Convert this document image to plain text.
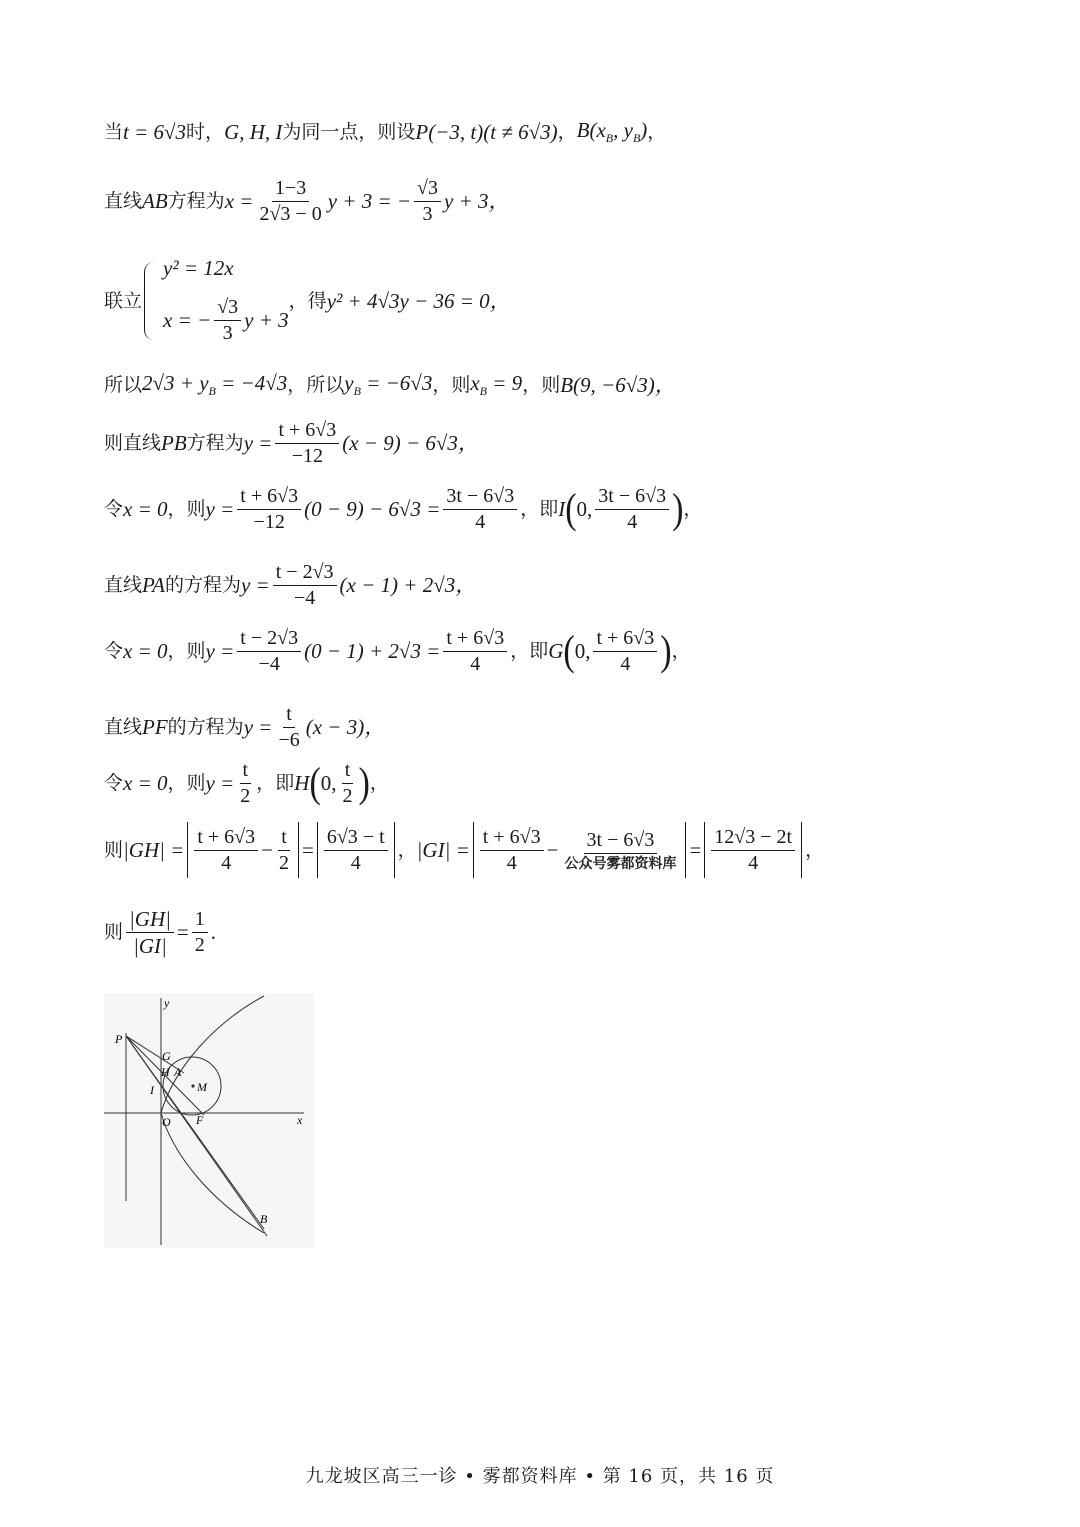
当 t = 6√3 时， G, H, I 为同一点，则设 P(−3, t)(t ≠ 6√3) ， $B(x_B$, $y_B$) ，
直线 AB 方程为 $x = \frac{1-3}{2√3 - 0}$ y + 3 = − $\frac{√3}{3}$ y + 3，
联立
y² = 12x
x = − $\frac{√3}{3}$ y + 3
，得 y² + 4√3y − 36 = 0，
所以 $2√3 + y_B = -4√3$ ，所以 $y_B = -6√3$ ，则 $x_B = 9$ ，则 B(9, −6√3)，
则直线 PB 方程为 $y = \frac{t + 6√3}{-12} (x - 9) - 6√3$，
令 x = 0 ，则 $y = \frac{t + 6√3}{-12} (0 - 9) - 6√3 = \frac{3t - 6√3}{4}$ ，即 I ( 0, $\frac{3t - 6√3}{4}$ ) ，
直线 PA 的方程为 $y = \frac{t - 2√3}{-4} (x - 1) + 2√3$，
令 x = 0 ，则 $y = \frac{t - 2√3}{-4} (0 - 1) + 2√3 = \frac{t + 6√3}{4}$ ，即 G ( 0, $\frac{t + 6√3}{4}$ ) ，
直线 PF 的方程为 $y = \frac{t}{-6} (x - 3)$，
令 x = 0 ，则 $y = \frac{t}{2}$ ，即 H ( 0, $\frac{t}{2}$ ) ，
则 $|GH| = \frac{t + 6√3}{4} - \frac{t}{2} = \frac{6√3 - t}{4}$ ， $|GI| = \frac{t + 6√3}{4} - \frac{3t - 6√3}{\text{公众号雾都资料库}} = \frac{12√3 - 2t}{4}$ ，
则 $\frac{|GH|}{|GI|} = \frac{1}{2}$ .
y
x
P
G
H A
M
I
O F
B
九龙坡区高三一诊 • 雾都资料库 • 第 16 页，共 16 页
